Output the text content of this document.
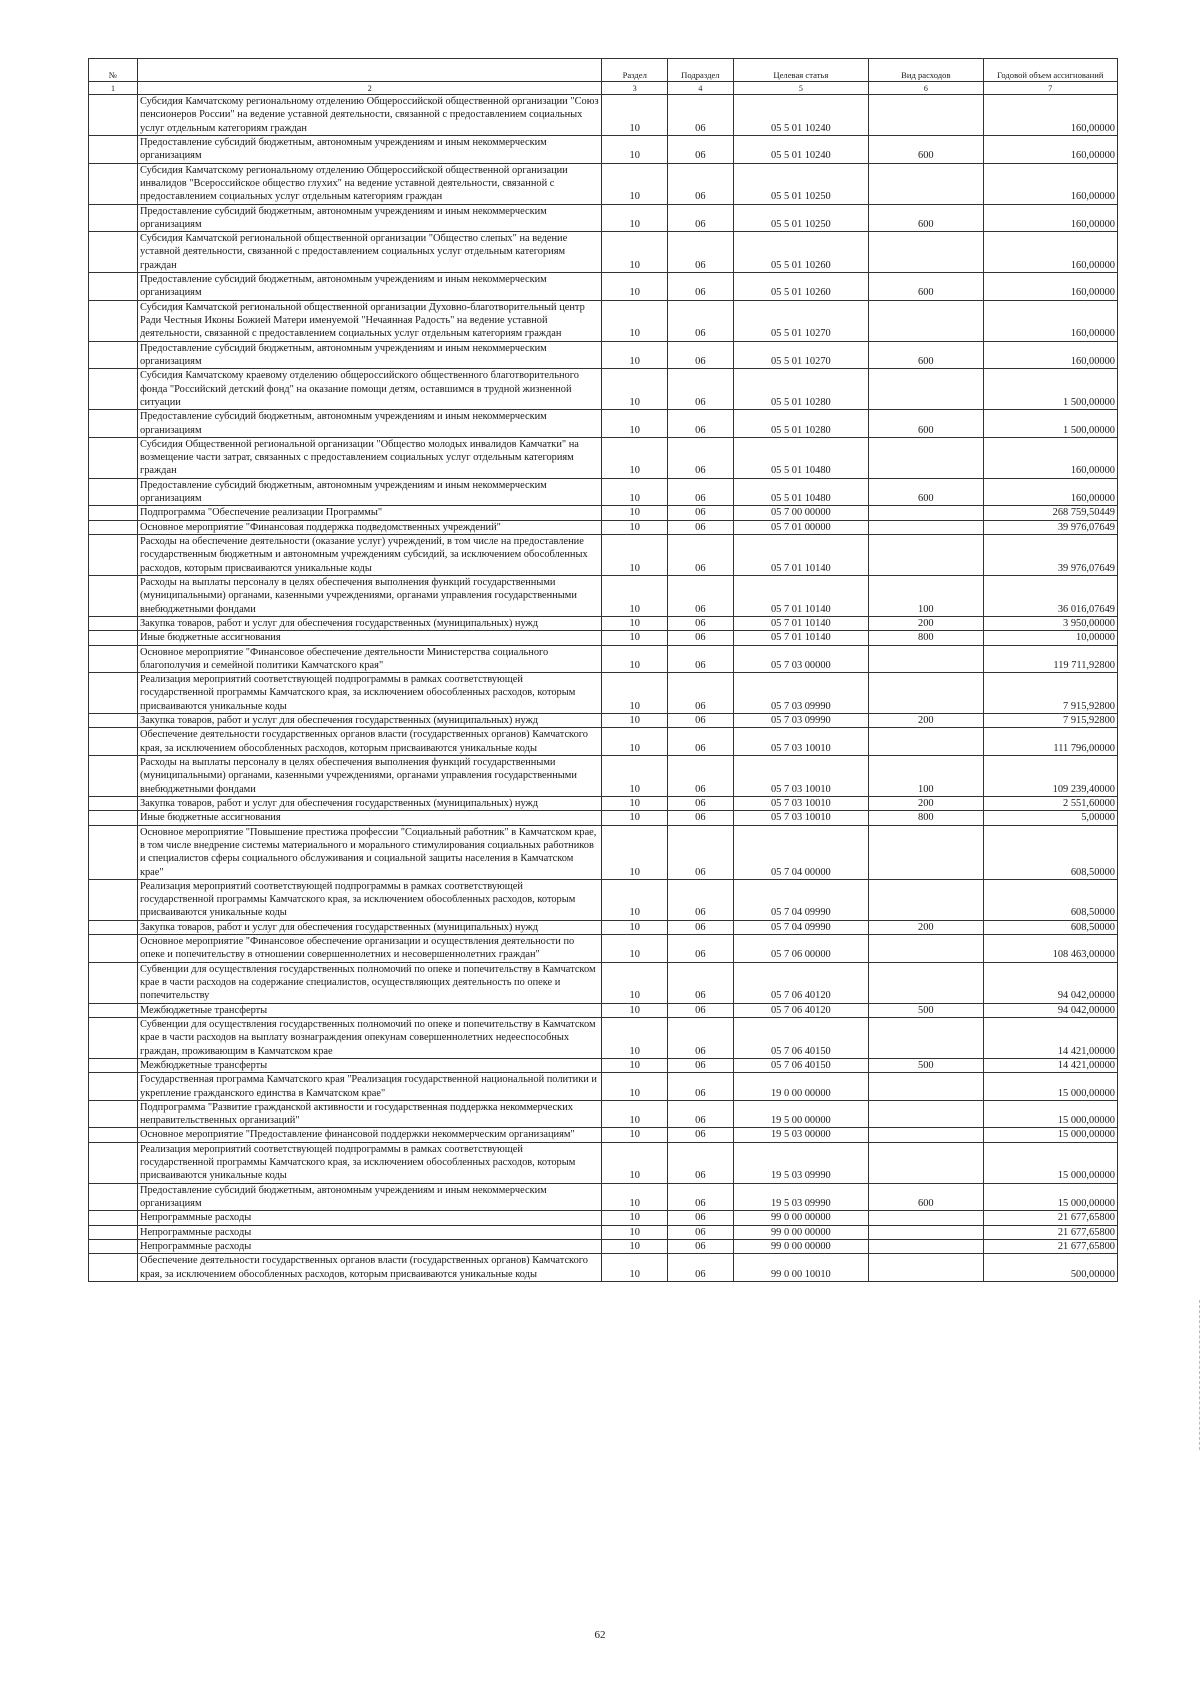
№		Раздел	Подраздел	Целевая статья	Вид расходов	Годовой объем ассигнований
1	2	3	4	5	6	7
	Субсидия Камчатскому региональному отделению Общероссийской общественной организации "Союз пенсионеров России" на ведение уставной деятельности, связанной с предоставлением социальных услуг отдельным категориям граждан	10	06	05 5 01 10240		160,00000
	Предоставление субсидий бюджетным, автономным учреждениям и иным некоммерческим организациям	10	06	05 5 01 10240	600	160,00000
	Субсидия Камчатскому региональному отделению Общероссийской общественной организации инвалидов "Всероссийское общество глухих" на ведение уставной деятельности, связанной с предоставлением социальных услуг отдельным категориям граждан	10	06	05 5 01 10250		160,00000
	Предоставление субсидий бюджетным, автономным учреждениям и иным некоммерческим организациям	10	06	05 5 01 10250	600	160,00000
	Субсидия Камчатской региональной общественной организации "Общество слепых" на ведение уставной деятельности, связанной с предоставлением социальных услуг отдельным категориям граждан	10	06	05 5 01 10260		160,00000
	Предоставление субсидий бюджетным, автономным учреждениям и иным некоммерческим организациям	10	06	05 5 01 10260	600	160,00000
	Субсидия Камчатской региональной общественной организации Духовно-благотворительный центр Ради Честныя Иконы Божией Матери именуемой "Нечаянная Радость" на ведение уставной деятельности, связанной с предоставлением социальных услуг отдельным категориям граждан	10	06	05 5 01 10270		160,00000
	Предоставление субсидий бюджетным, автономным учреждениям и иным некоммерческим организациям	10	06	05 5 01 10270	600	160,00000
	Субсидия Камчатскому краевому отделению общероссийского общественного благотворительного фонда "Российский детский фонд" на оказание помощи детям, оставшимся в трудной жизненной ситуации	10	06	05 5 01 10280		1 500,00000
	Предоставление субсидий бюджетным, автономным учреждениям и иным некоммерческим организациям	10	06	05 5 01 10280	600	1 500,00000
	Субсидия Общественной региональной организации "Общество молодых инвалидов Камчатки" на возмещение части затрат, связанных с предоставлением социальных услуг отдельным категориям граждан	10	06	05 5 01 10480		160,00000
	Предоставление субсидий бюджетным, автономным учреждениям и иным некоммерческим организациям	10	06	05 5 01 10480	600	160,00000
	Подпрограмма "Обеспечение реализации Программы"	10	06	05 7 00 00000		268 759,50449
	Основное мероприятие "Финансовая поддержка подведомственных учреждений"	10	06	05 7 01 00000		39 976,07649
	Расходы на обеспечение деятельности (оказание услуг) учреждений, в том числе на предоставление государственным бюджетным и автономным учреждениям субсидий, за исключением обособленных расходов, которым присваиваются уникальные коды	10	06	05 7 01 10140		39 976,07649
	Расходы на выплаты персоналу в целях обеспечения выполнения функций государственными (муниципальными) органами, казенными учреждениями, органами управления государственными внебюджетными фондами	10	06	05 7 01 10140	100	36 016,07649
	Закупка товаров, работ и услуг для обеспечения государственных (муниципальных) нужд	10	06	05 7 01 10140	200	3 950,00000
	Иные бюджетные ассигнования	10	06	05 7 01 10140	800	10,00000
	Основное мероприятие "Финансовое обеспечение деятельности Министерства социального благополучия и семейной политики Камчатского края"	10	06	05 7 03 00000		119 711,92800
	Реализация мероприятий соответствующей подпрограммы в рамках соответствующей государственной программы Камчатского края, за исключением обособленных расходов, которым присваиваются уникальные коды	10	06	05 7 03 09990		7 915,92800
	Закупка товаров, работ и услуг для обеспечения государственных (муниципальных) нужд	10	06	05 7 03 09990	200	7 915,92800
	Обеспечение деятельности государственных органов власти (государственных органов) Камчатского края, за исключением обособленных расходов, которым присваиваются уникальные коды	10	06	05 7 03 10010		111 796,00000
	Расходы на выплаты персоналу в целях обеспечения выполнения функций государственными (муниципальными) органами, казенными учреждениями, органами управления государственными внебюджетными фондами	10	06	05 7 03 10010	100	109 239,40000
	Закупка товаров, работ и услуг для обеспечения государственных (муниципальных) нужд	10	06	05 7 03 10010	200	2 551,60000
	Иные бюджетные ассигнования	10	06	05 7 03 10010	800	5,00000
	Основное мероприятие "Повышение престижа профессии "Социальный работник" в Камчатском крае, в том числе внедрение системы материального и морального стимулирования социальных работников и специалистов сферы социального обслуживания и социальной защиты населения в Камчатском крае"	10	06	05 7 04 00000		608,50000
	Реализация мероприятий соответствующей подпрограммы в рамках соответствующей государственной программы Камчатского края, за исключением обособленных расходов, которым присваиваются уникальные коды	10	06	05 7 04 09990		608,50000
	Закупка товаров, работ и услуг для обеспечения государственных (муниципальных) нужд	10	06	05 7 04 09990	200	608,50000
	Основное мероприятие "Финансовое обеспечение организации и осуществления деятельности по опеке и попечительству в отношении совершеннолетних и несовершеннолетних граждан"	10	06	05 7 06 00000		108 463,00000
	Субвенции для осуществления государственных полномочий по опеке и попечительству в Камчатском крае в части расходов на содержание специалистов, осуществляющих деятельность по опеке и попечительству	10	06	05 7 06 40120		94 042,00000
	Межбюджетные трансферты	10	06	05 7 06 40120	500	94 042,00000
	Субвенции для осуществления государственных полномочий по опеке и попечительству в Камчатском крае в части расходов на выплату вознаграждения опекунам совершеннолетних недееспособных граждан, проживающим в Камчатском крае	10	06	05 7 06 40150		14 421,00000
	Межбюджетные трансферты	10	06	05 7 06 40150	500	14 421,00000
	Государственная программа Камчатского края "Реализация государственной национальной политики и укрепление гражданского единства в Камчатском крае"	10	06	19 0 00 00000		15 000,00000
	Подпрограмма "Развитие гражданской активности и государственная поддержка некоммерческих неправительственных организаций"	10	06	19 5 00 00000		15 000,00000
	Основное мероприятие "Предоставление финансовой поддержки некоммерческим организациям"	10	06	19 5 03 00000		15 000,00000
	Реализация мероприятий соответствующей подпрограммы в рамках соответствующей государственной программы Камчатского края, за исключением обособленных расходов, которым присваиваются уникальные коды	10	06	19 5 03 09990		15 000,00000
	Предоставление субсидий бюджетным, автономным учреждениям и иным некоммерческим организациям	10	06	19 5 03 09990	600	15 000,00000
	Непрограммные расходы	10	06	99 0 00 00000		21 677,65800
	Непрограммные расходы	10	06	99 0 00 00000		21 677,65800
	Непрограммные расходы	10	06	99 0 00 00000		21 677,65800
	Обеспечение деятельности государственных органов власти (государственных органов) Камчатского края, за исключением обособленных расходов, которым присваиваются уникальные коды	10	06	99 0 00 10010		500,00000
62
